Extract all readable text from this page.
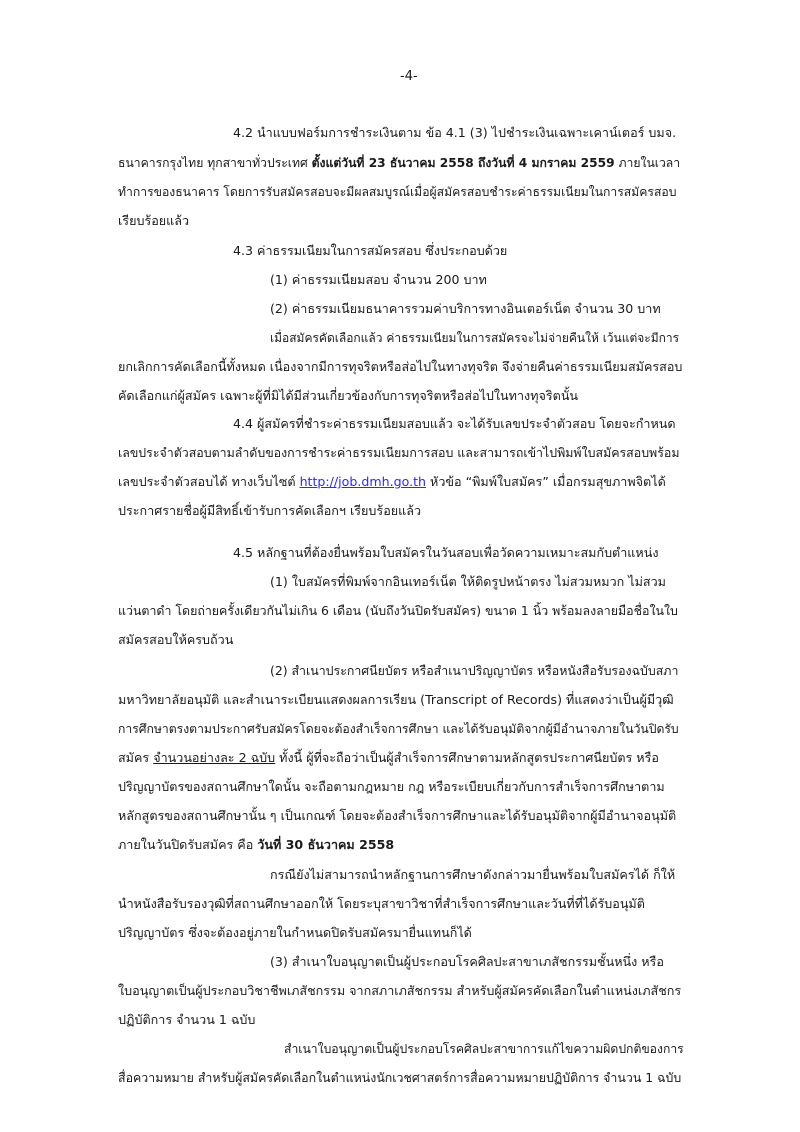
-4-
4.2 นำแบบฟอร์มการชำระเงินตาม ข้อ 4.1 (3) ไปชำระเงินเฉพาะเคาน์เตอร์ บมจ.
ธนาคารกรุงไทย ทุกสาขาทั่วประเทศ ตั้งแต่วันที่ 23 ธันวาคม 2558 ถึงวันที่ 4 มกราคม 2559 ภายในเวลา
ทำการของธนาคาร โดยการรับสมัครสอบจะมีผลสมบูรณ์เมื่อผู้สมัครสอบชำระค่าธรรมเนียมในการสมัครสอบ
เรียบร้อยแล้ว
4.3 ค่าธรรมเนียมในการสมัครสอบ ซึ่งประกอบด้วย
(1) ค่าธรรมเนียมสอบ จำนวน 200 บาท
(2) ค่าธรรมเนียมธนาคารรวมค่าบริการทางอินเตอร์เน็ต จำนวน 30 บาท
เมื่อสมัครคัดเลือกแล้ว ค่าธรรมเนียมในการสมัครจะไม่จ่ายคืนให้ เว้นแต่จะมีการ
ยกเลิกการคัดเลือกนี้ทั้งหมด เนื่องจากมีการทุจริตหรือส่อไปในทางทุจริต จึงจ่ายคืนค่าธรรมเนียมสมัครสอบ
คัดเลือกแก่ผู้สมัคร เฉพาะผู้ที่มิได้มีส่วนเกี่ยวข้องกับการทุจริตหรือส่อไปในทางทุจริตนั้น
4.4 ผู้สมัครที่ชำระค่าธรรมเนียมสอบแล้ว จะได้รับเลขประจำตัวสอบ โดยจะกำหนด
เลขประจำตัวสอบตามลำดับของการชำระค่าธรรมเนียมการสอบ และสามารถเข้าไปพิมพ์ใบสมัครสอบพร้อม
เลขประจำตัวสอบได้ ทางเว็บไซต์ http://job.dmh.go.th หัวข้อ “พิมพ์ใบสมัคร” เมื่อกรมสุขภาพจิตได้
ประกาศรายชื่อผู้มีสิทธิ์เข้ารับการคัดเลือกฯ เรียบร้อยแล้ว
4.5 หลักฐานที่ต้องยื่นพร้อมใบสมัครในวันสอบเพื่อวัดความเหมาะสมกับตำแหน่ง
(1) ใบสมัครที่พิมพ์จากอินเทอร์เน็ต ให้ติดรูปหน้าตรง ไม่สวมหมวก ไม่สวม
แว่นตาดำ โดยถ่ายครั้งเดียวกันไม่เกิน 6 เดือน (นับถึงวันปิดรับสมัคร) ขนาด 1 นิ้ว พร้อมลงลายมือชื่อในใบ
สมัครสอบให้ครบถ้วน
(2) สำเนาประกาศนียบัตร หรือสำเนาปริญญาบัตร หรือหนังสือรับรองฉบับสภา
มหาวิทยาลัยอนุมัติ และสำเนาระเบียนแสดงผลการเรียน (Transcript of Records) ที่แสดงว่าเป็นผู้มีวุฒิ
การศึกษาตรงตามประกาศรับสมัครโดยจะต้องสำเร็จการศึกษา และได้รับอนุมัติจากผู้มีอำนาจภายในวันปิดรับ
สมัคร จำนวนอย่างละ 2 ฉบับ ทั้งนี้ ผู้ที่จะถือว่าเป็นผู้สำเร็จการศึกษาตามหลักสูตรประกาศนียบัตร หรือ
ปริญญาบัตรของสถานศึกษาใดนั้น จะถือตามกฎหมาย กฎ หรือระเบียบเกี่ยวกับการสำเร็จการศึกษาตาม
หลักสูตรของสถานศึกษานั้น ๆ เป็นเกณฑ์ โดยจะต้องสำเร็จการศึกษาและได้รับอนุมัติจากผู้มีอำนาจอนุมัติ
ภายในวันปิดรับสมัคร คือ วันที่ 30 ธันวาคม 2558
กรณียังไม่สามารถนำหลักฐานการศึกษาดังกล่าวมายื่นพร้อมใบสมัครได้ ก็ให้
นำหนังสือรับรองวุฒิที่สถานศึกษาออกให้ โดยระบุสาขาวิชาที่สำเร็จการศึกษาและวันที่ที่ได้รับอนุมัติ
ปริญญาบัตร ซึ่งจะต้องอยู่ภายในกำหนดปิดรับสมัครมายื่นแทนก็ได้
(3) สำเนาใบอนุญาตเป็นผู้ประกอบโรคศิลปะสาขาเภสัชกรรมชั้นหนึ่ง หรือ
ใบอนุญาตเป็นผู้ประกอบวิชาชีพเภสัชกรรม จากสภาเภสัชกรรม สำหรับผู้สมัครคัดเลือกในตำแหน่งเภสัชกร
ปฏิบัติการ จำนวน 1 ฉบับ
สำเนาใบอนุญาตเป็นผู้ประกอบโรคศิลปะสาขาการแก้ไขความผิดปกติของการ
สื่อความหมาย สำหรับผู้สมัครคัดเลือกในตำแหน่งนักเวชศาสตร์การสื่อความหมายปฏิบัติการ จำนวน 1 ฉบับ
